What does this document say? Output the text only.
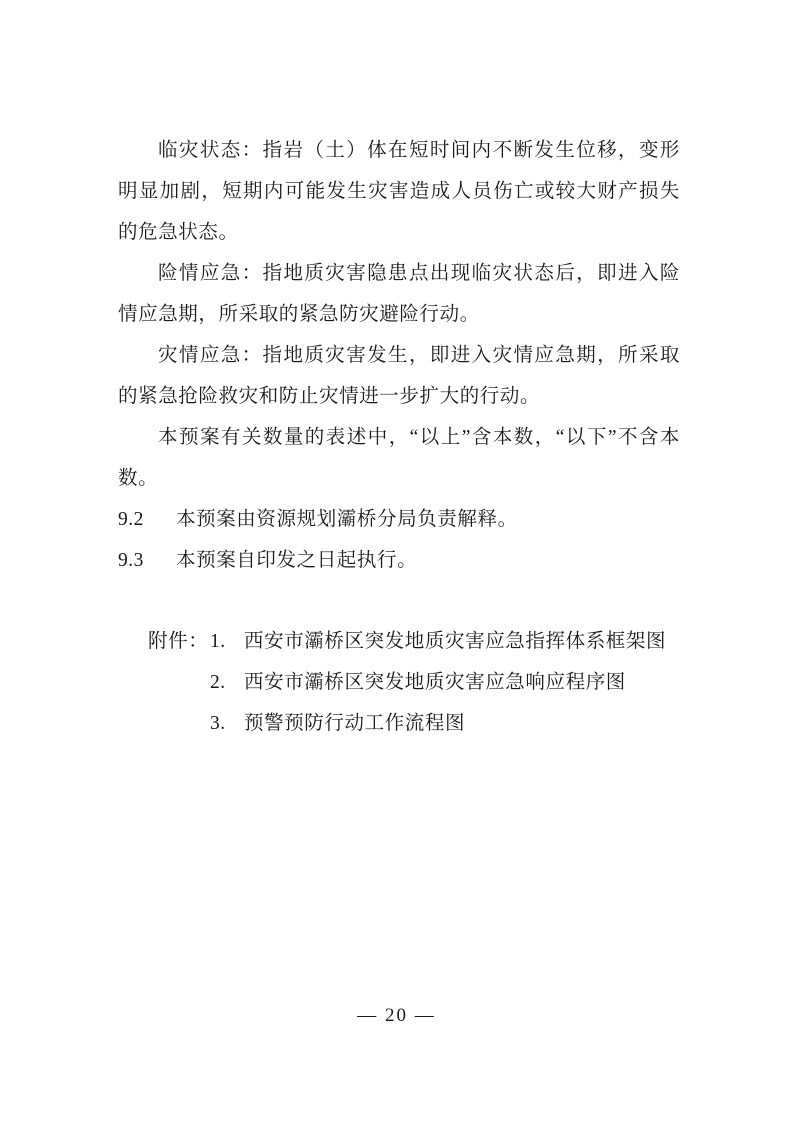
临灾状态：指岩（土）体在短时间内不断发生位移，变形明显加剧，短期内可能发生灾害造成人员伤亡或较大财产损失的危急状态。

险情应急：指地质灾害隐患点出现临灾状态后，即进入险情应急期，所采取的紧急防灾避险行动。

灾情应急：指地质灾害发生，即进入灾情应急期，所采取的紧急抢险救灾和防止灾情进一步扩大的行动。

本预案有关数量的表述中，“以上”含本数，“以下”不含本数。

9.2	本预案由资源规划灞桥分局负责解释。
9.3	本预案自印发之日起执行。
附件： 1. 西安市灞桥区突发地质灾害应急指挥体系框架图
2. 西安市灞桥区突发地质灾害应急响应程序图
3. 预警预防行动工作流程图
— 20 —
